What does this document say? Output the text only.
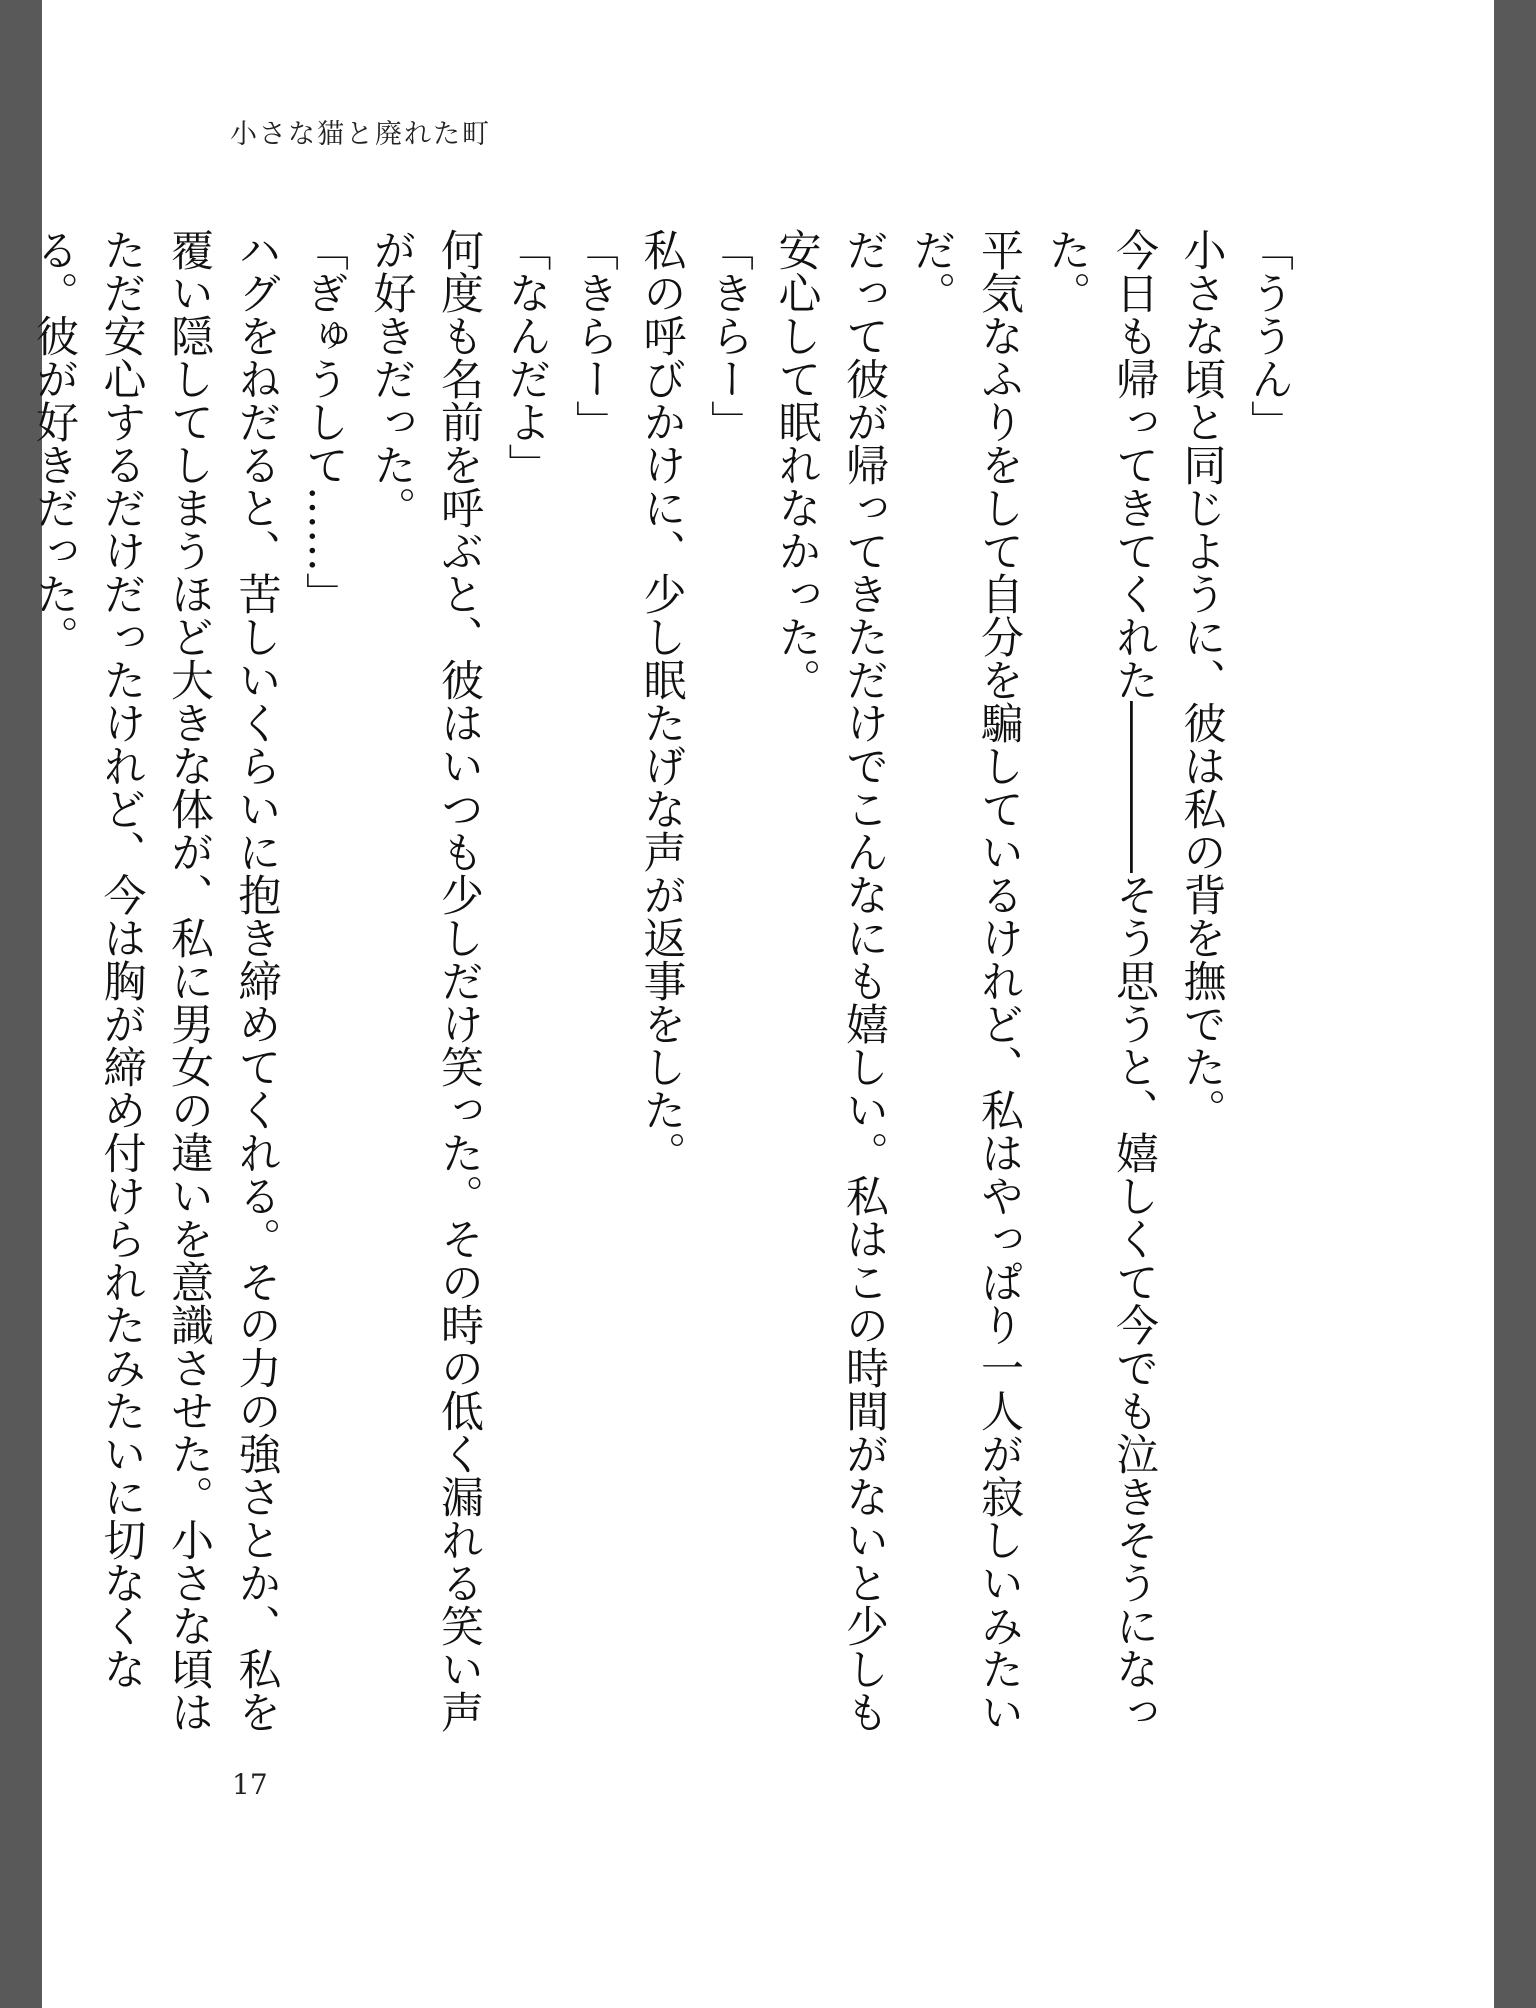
小さな猫と廃れた町

「ううん」

小さな頃と同じように、彼は私の背を撫でた。

今日も帰ってきてくれた――――そう思うと、嬉しくて今でも泣きそうになった。

平気なふりをして自分を騙しているけれど、私はやっぱり一人が寂しいみたいだ。

だって彼が帰ってきただけでこんなにも嬉しい。私はこの時間がないと少しも安心して眠れなかった。

「きらー」

私の呼びかけに、少し眠たげな声が返事をした。

「きらー」

「なんだよ」

何度も名前を呼ぶと、彼はいつも少しだけ笑った。その時の低く漏れる笑い声が好きだった。

「ぎゅうして……」

ハグをねだると、苦しいくらいに抱き締めてくれる。その力の強さとか、私を覆い隠してしまうほど大きな体が、私に男女の違いを意識させた。小さな頃はただ安心するだけだったけれど、今は胸が締め付けられたみたいに切なくなる。彼が好きだった。

17
